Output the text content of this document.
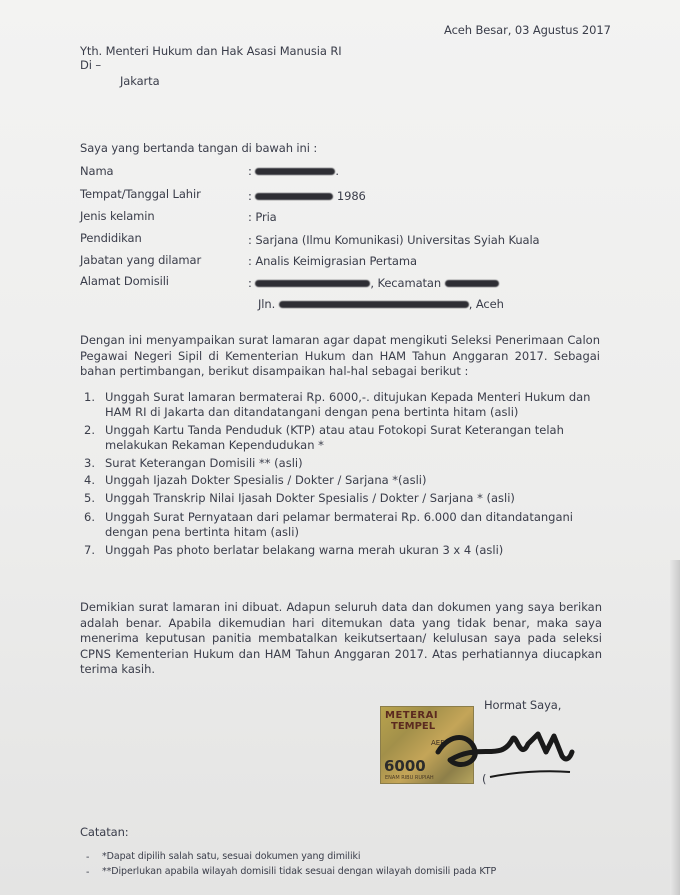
Aceh Besar, 03 Agustus 2017
Yth. Menteri Hukum dan Hak Asasi Manusia RI
Di –
Jakarta
Saya yang bertanda tangan di bawah ini :
Nama	:	.
Tempat/Tanggal Lahir	:	1986
Jenis kelamin	: Pria
Pendidikan	: Sarjana (Ilmu Komunikasi) Universitas Syiah Kuala
Jabatan yang dilamar	: Analis Keimigrasian Pertama
Alamat Domisili	:	, Kecamatan
Jln.	, Aceh
Dengan ini menyampaikan surat lamaran agar dapat mengikuti Seleksi Penerimaan Calon Pegawai Negeri Sipil di Kementerian Hukum dan HAM Tahun Anggaran 2017. Sebagai bahan pertimbangan, berikut disampaikan hal-hal sebagai berikut :
1. Unggah Surat lamaran bermaterai Rp. 6000,-. ditujukan Kepada Menteri Hukum dan HAM RI di Jakarta dan ditandatangani dengan pena bertinta hitam (asli)
2. Unggah Kartu Tanda Penduduk (KTP) atau atau Fotokopi Surat Keterangan telah melakukan Rekaman Kependudukan *
3. Surat Keterangan Domisili ** (asli)
4. Unggah Ijazah Dokter Spesialis / Dokter / Sarjana *(asli)
5. Unggah Transkrip Nilai Ijasah Dokter Spesialis / Dokter / Sarjana * (asli)
6. Unggah Surat Pernyataan dari pelamar bermaterai Rp. 6.000 dan ditandatangani dengan pena bertinta hitam (asli)
7. Unggah Pas photo berlatar belakang warna merah ukuran 3 x 4 (asli)
Demikian surat lamaran ini dibuat. Adapun seluruh data dan dokumen yang saya berikan adalah benar. Apabila dikemudian hari ditemukan data yang tidak benar, maka saya menerima keputusan panitia membatalkan keikutsertaan/ kelulusan saya pada seleksi CPNS Kementerian Hukum dan HAM Tahun Anggaran 2017. Atas perhatiannya diucapkan terima kasih.
Hormat Saya,
METERAI
TEMPEL
AEF
6000
ENAM RIBU RUPIAH	(
Catatan:
- *Dapat dipilih salah satu, sesuai dokumen yang dimiliki
- **Diperlukan apabila wilayah domisili tidak sesuai dengan wilayah domisili pada KTP
